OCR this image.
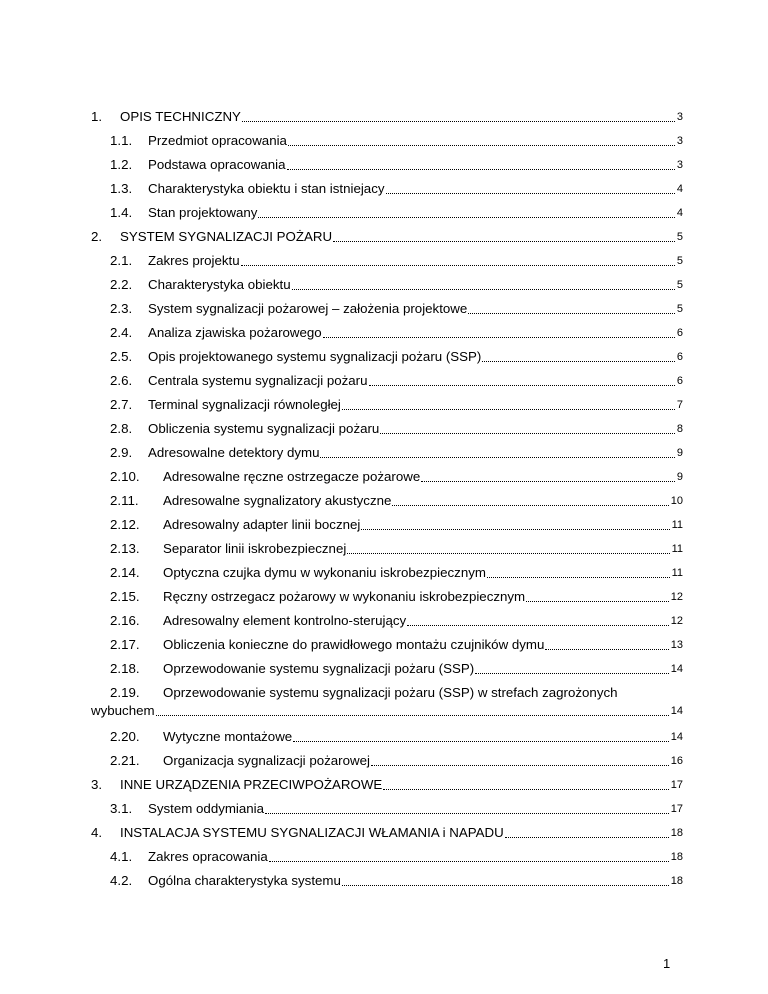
1. OPIS TECHNICZNY	3
1.1. Przedmiot opracowania	3
1.2. Podstawa opracowania	3
1.3. Charakterystyka obiektu i stan istniejacy	4
1.4. Stan projektowany	4
2. SYSTEM SYGNALIZACJI POŻARU	5
2.1. Zakres projektu	5
2.2. Charakterystyka obiektu	5
2.3. System sygnalizacji pożarowej – założenia projektowe	5
2.4. Analiza zjawiska pożarowego	6
2.5. Opis projektowanego systemu sygnalizacji pożaru (SSP)	6
2.6. Centrala systemu sygnalizacji pożaru	6
2.7. Terminal sygnalizacji równoległej	7
2.8. Obliczenia systemu sygnalizacji pożaru	8
2.9. Adresowalne detektory dymu	9
2.10. Adresowalne ręczne ostrzegacze pożarowe	9
2.11. Adresowalne sygnalizatory akustyczne	10
2.12. Adresowalny adapter linii bocznej	11
2.13. Separator linii iskrobezpiecznej	11
2.14. Optyczna czujka dymu w wykonaniu iskrobezpiecznym	11
2.15. Ręczny ostrzegacz pożarowy w wykonaniu iskrobezpiecznym	12
2.16. Adresowalny element kontrolno-sterujący	12
2.17. Obliczenia konieczne do prawidłowego montażu czujników dymu	13
2.18. Oprzewodowanie systemu sygnalizacji pożaru (SSP)	14
2.19. Oprzewodowanie systemu sygnalizacji pożaru (SSP) w strefach zagrożonych
wybuchem	14
2.20. Wytyczne montażowe	14
2.21. Organizacja sygnalizacji pożarowej	16
3. INNE URZĄDZENIA PRZECIWPOŻAROWE	17
3.1. System oddymiania	17
4. INSTALACJA SYSTEMU SYGNALIZACJI WŁAMANIA i NAPADU	18
4.1. Zakres opracowania	18
4.2. Ogólna charakterystyka systemu	18
1
